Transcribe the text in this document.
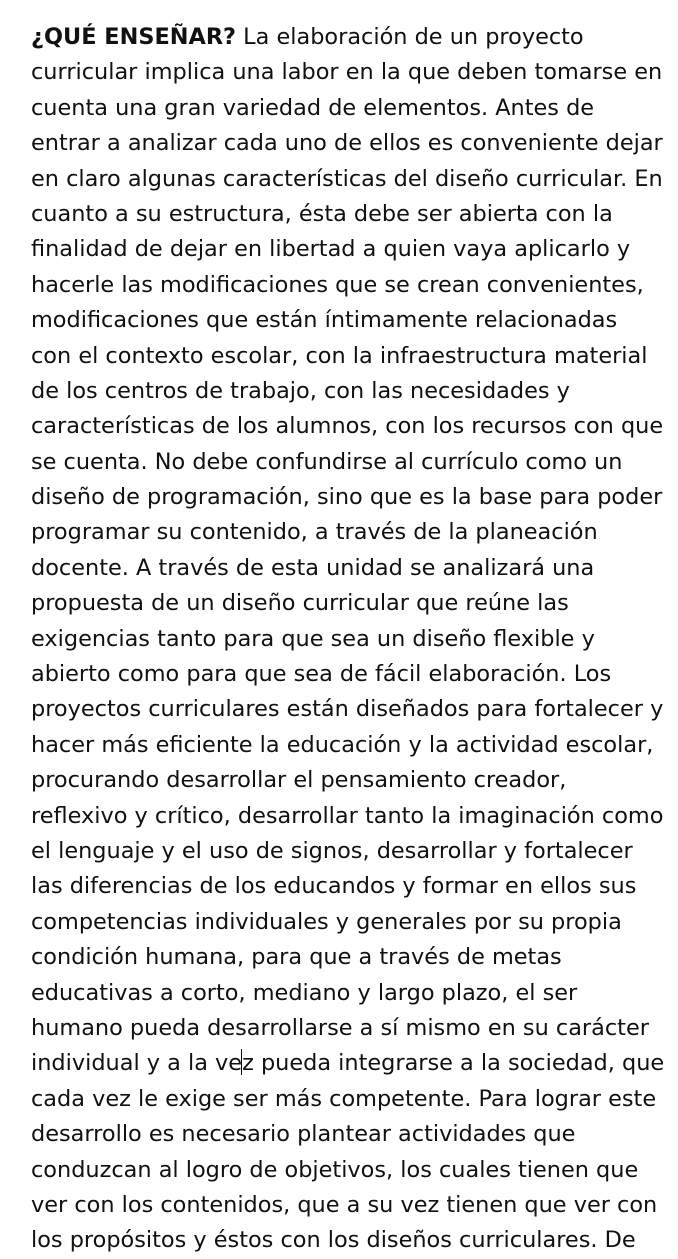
¿QUÉ ENSEÑAR? La elaboración de un proyecto
curricular implica una labor en la que deben tomarse en
cuenta una gran variedad de elementos. Antes de
entrar a analizar cada uno de ellos es conveniente dejar
en claro algunas características del diseño curricular. En
cuanto a su estructura, ésta debe ser abierta con la
finalidad de dejar en libertad a quien vaya aplicarlo y
hacerle las modificaciones que se crean convenientes,
modificaciones que están íntimamente relacionadas
con el contexto escolar, con la infraestructura material
de los centros de trabajo, con las necesidades y
características de los alumnos, con los recursos con que
se cuenta. No debe confundirse al currículo como un
diseño de programación, sino que es la base para poder
programar su contenido, a través de la planeación
docente. A través de esta unidad se analizará una
propuesta de un diseño curricular que reúne las
exigencias tanto para que sea un diseño flexible y
abierto como para que sea de fácil elaboración. Los
proyectos curriculares están diseñados para fortalecer y
hacer más eficiente la educación y la actividad escolar,
procurando desarrollar el pensamiento creador,
reflexivo y crítico, desarrollar tanto la imaginación como
el lenguaje y el uso de signos, desarrollar y fortalecer
las diferencias de los educandos y formar en ellos sus
competencias individuales y generales por su propia
condición humana, para que a través de metas
educativas a corto, mediano y largo plazo, el ser
humano pueda desarrollarse a sí mismo en su carácter
individual y a la vez pueda integrarse a la sociedad, que
cada vez le exige ser más competente. Para lograr este
desarrollo es necesario plantear actividades que
conduzcan al logro de objetivos, los cuales tienen que
ver con los contenidos, que a su vez tienen que ver con
los propósitos y éstos con los diseños curriculares. De
